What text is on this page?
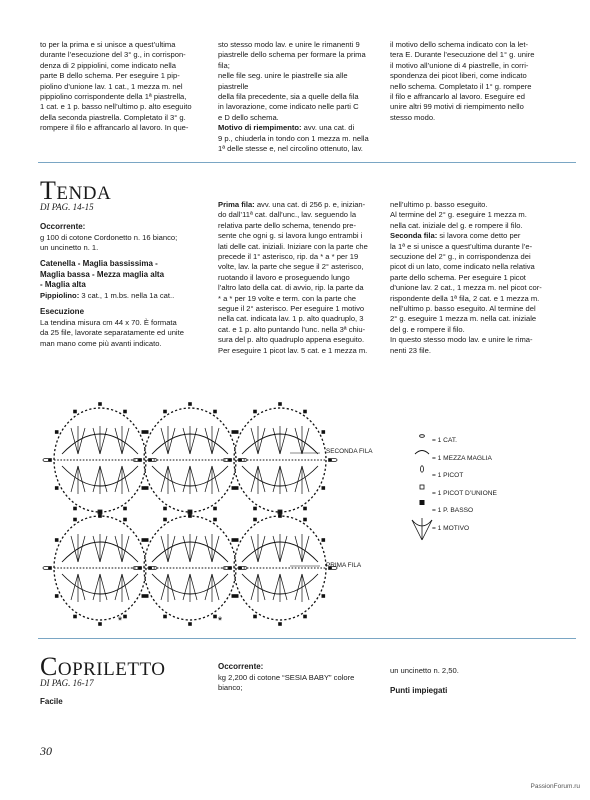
to per la prima e si unisce a quest’ultima
durante l’esecuzione del 3° g., in corrispon-
denza di 2 pippiolini, come indicato nella
parte B dello schema. Per eseguire 1 pip-
piolino d’unione lav. 1 cat., 1 mezza m. nel
pippiolino corrispondente della 1ª piastrella,
1 cat. e 1 p. basso nell’ultimo p. alto eseguito
della seconda piastrella. Completato il 3° g.
rompere il filo e affrancarlo al lavoro. In que-
sto stesso modo lav. e unire le rimanenti 9
piastrelle dello schema per formare la prima fila;
nelle file seg. unire le piastrelle sia alle piastrelle
della fila precedente, sia a quelle della fila
in lavorazione, come indicato nelle parti C
e D dello schema.
Motivo di riempimento: avv. una cat. di
9 p., chiuderla in tondo con 1 mezza m. nella
1ª delle stesse e, nel circolino ottenuto, lav.
il motivo dello schema indicato con la let-
tera E. Durante l’esecuzione del 1° g. unire
il motivo all’unione di 4 piastrelle, in corri-
spondenza dei picot liberi, come indicato
nello schema. Completato il 1° g. rompere
il filo e affrancarlo al lavoro. Eseguire ed
unire altri 99 motivi di riempimento nello
stesso modo.
TENDA
DI PAG. 14-15
Occorrente:
g 100 di cotone Cordonetto n. 16 bianco;
un uncinetto n. 1.
Catenella - Maglia bassissima -
Maglia bassa - Mezza maglia alta
- Maglia alta
Pippiolino: 3 cat., 1 m.bs. nella 1a cat..
Esecuzione
La tendina misura cm 44 x 70. È formata
da 25 file, lavorate separatamente ed unite
man mano come più avanti indicato.
Prima fila: avv. una cat. di 256 p. e, inizian-
do dall’11ª cat. dall’unc., lav. seguendo la
relativa parte dello schema, tenendo pre-
sente che ogni g. si lavora lungo entrambi i
lati delle cat. iniziali. Iniziare con la parte che
precede il 1° asterisco, rip. da * a * per 19
volte, lav. la parte che segue il 2° asterisco,
ruotando il lavoro e proseguendo lungo
l’altro lato della cat. di avvio, rip. la parte da
* a * per 19 volte e term. con la parte che
segue il 2° asterisco. Per eseguire 1 motivo
nella cat. indicata lav. 1 p. alto quadruplo, 3
cat. e 1 p. alto puntando l’unc. nella 3ª chiu-
sura del p. alto quadruplo appena eseguito.
Per eseguire 1 picot lav. 5 cat. e 1 mezza m.
nell’ultimo p. basso eseguito.
Al termine del 2° g. eseguire 1 mezza m.
nella cat. iniziale del g. e rompere il filo.
Seconda fila: si lavora come detto per
la 1ª e si unisce a quest’ultima durante l’e-
secuzione del 2° g., in corrispondenza dei
picot di un lato, come indicato nella relativa
parte dello schema. Per eseguire 1 picot
d’unione lav. 2 cat., 1 mezza m. nel picot cor-
rispondente della 1ª fila, 2 cat. e 1 mezza m.
nell’ultimo p. basso eseguito. Al termine del
2° g. eseguire 1 mezza m. nella cat. iniziale
del g. e rompere il filo.
In questo stesso modo lav. e unire le rima-
nenti 23 file.
*	*
SECONDA FILA
PRIMA FILA
= 1 CAT.
= 1 MEZZA MAGLIA
= 1 PICOT
= 1 PICOT D’UNIONE
= 1 P. BASSO
= 1 MOTIVO
COPRILETTO
DI PAG. 16-17
Facile
Occorrente:
kg 2,200 di cotone “SESIA BABY” colore
bianco;
un uncinetto n. 2,50.
Punti impiegati
30
PassionForum.ru
